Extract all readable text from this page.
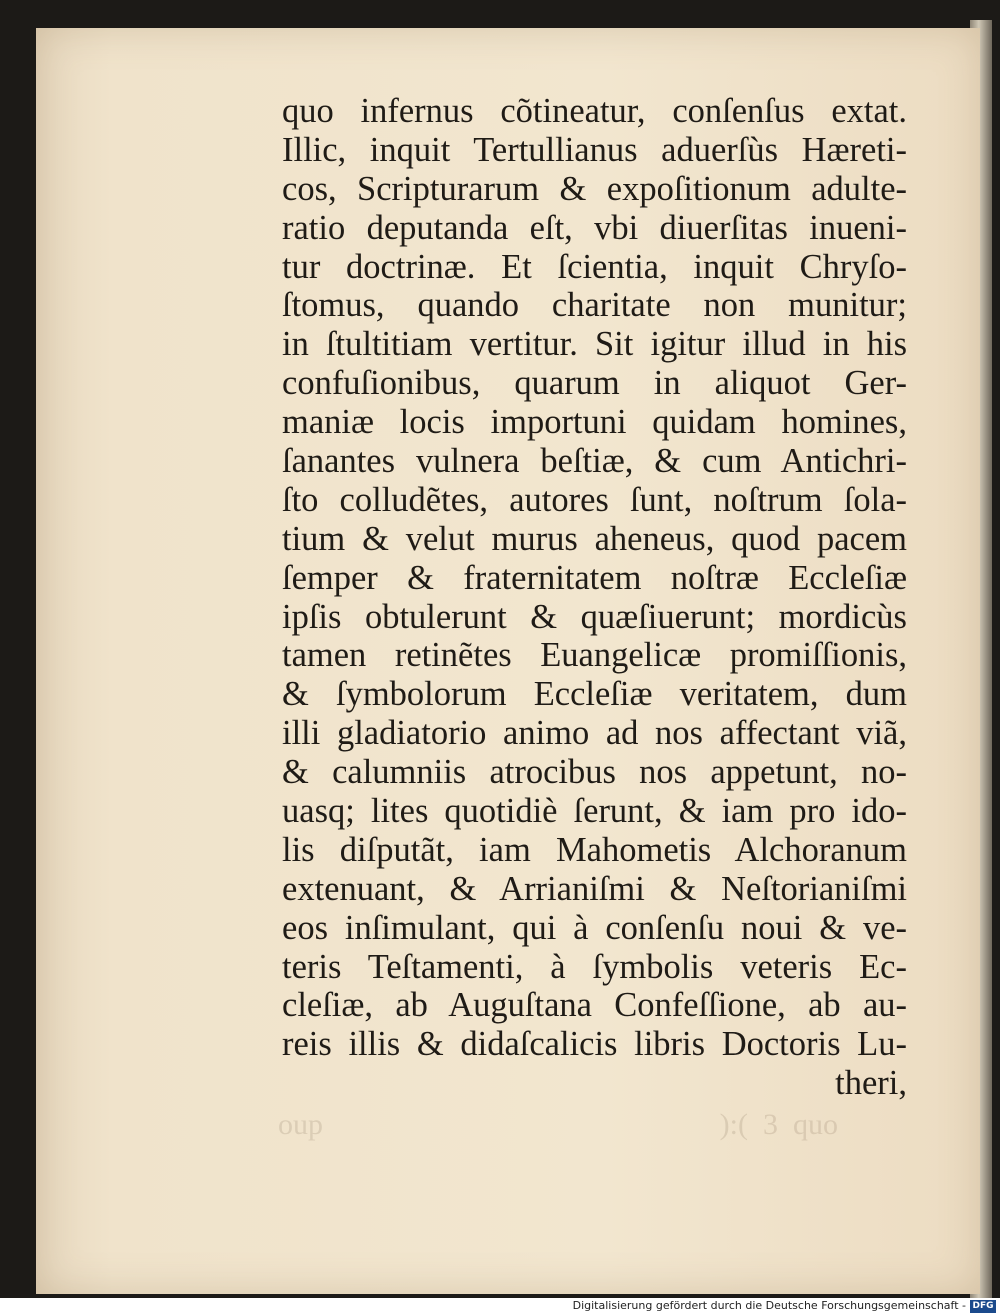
oup	):(  3  quo
quo infernus cõtineatur, conſenſus extat.
Illic, inquit Tertullianus aduerſùs Hæreti-
cos, Scripturarum & expoſitionum adulte-
ratio deputanda eſt, vbi diuerſitas inueni-
tur doctrinæ. Et ſcientia, inquit Chryſo-
ſtomus, quando charitate non munitur;
in ſtultitiam vertitur. Sit igitur illud in his
confuſionibus, quarum in aliquot Ger-
maniæ locis importuni quidam homines,
ſanantes vulnera beſtiæ, & cum Antichri-
ſto colludẽtes, autores ſunt, noſtrum ſola-
tium & velut murus aheneus, quod pacem
ſemper & fraternitatem noſtræ Eccleſiæ
ipſis obtulerunt & quæſiuerunt; mordicùs
tamen retinẽtes Euangelicæ promiſſionis,
& ſymbolorum Eccleſiæ veritatem, dum
illi gladiatorio animo ad nos affectant viã,
& calumniis atrocibus nos appetunt, no-
uasq; lites quotidiè ſerunt, & iam pro ido-
lis diſputãt, iam Mahometis Alchoranum
extenuant, & Arrianiſmi & Neſtorianiſmi
eos inſimulant, qui à conſenſu noui & ve-
teris Teſtamenti, à ſymbolis veteris Ec-
cleſiæ, ab Auguſtana Confeſſione, ab au-
reis illis & didaſcalicis libris Doctoris Lu-
theri,
Digitalisierung gefördert durch die Deutsche Forschungsgemeinschaft - DFG
